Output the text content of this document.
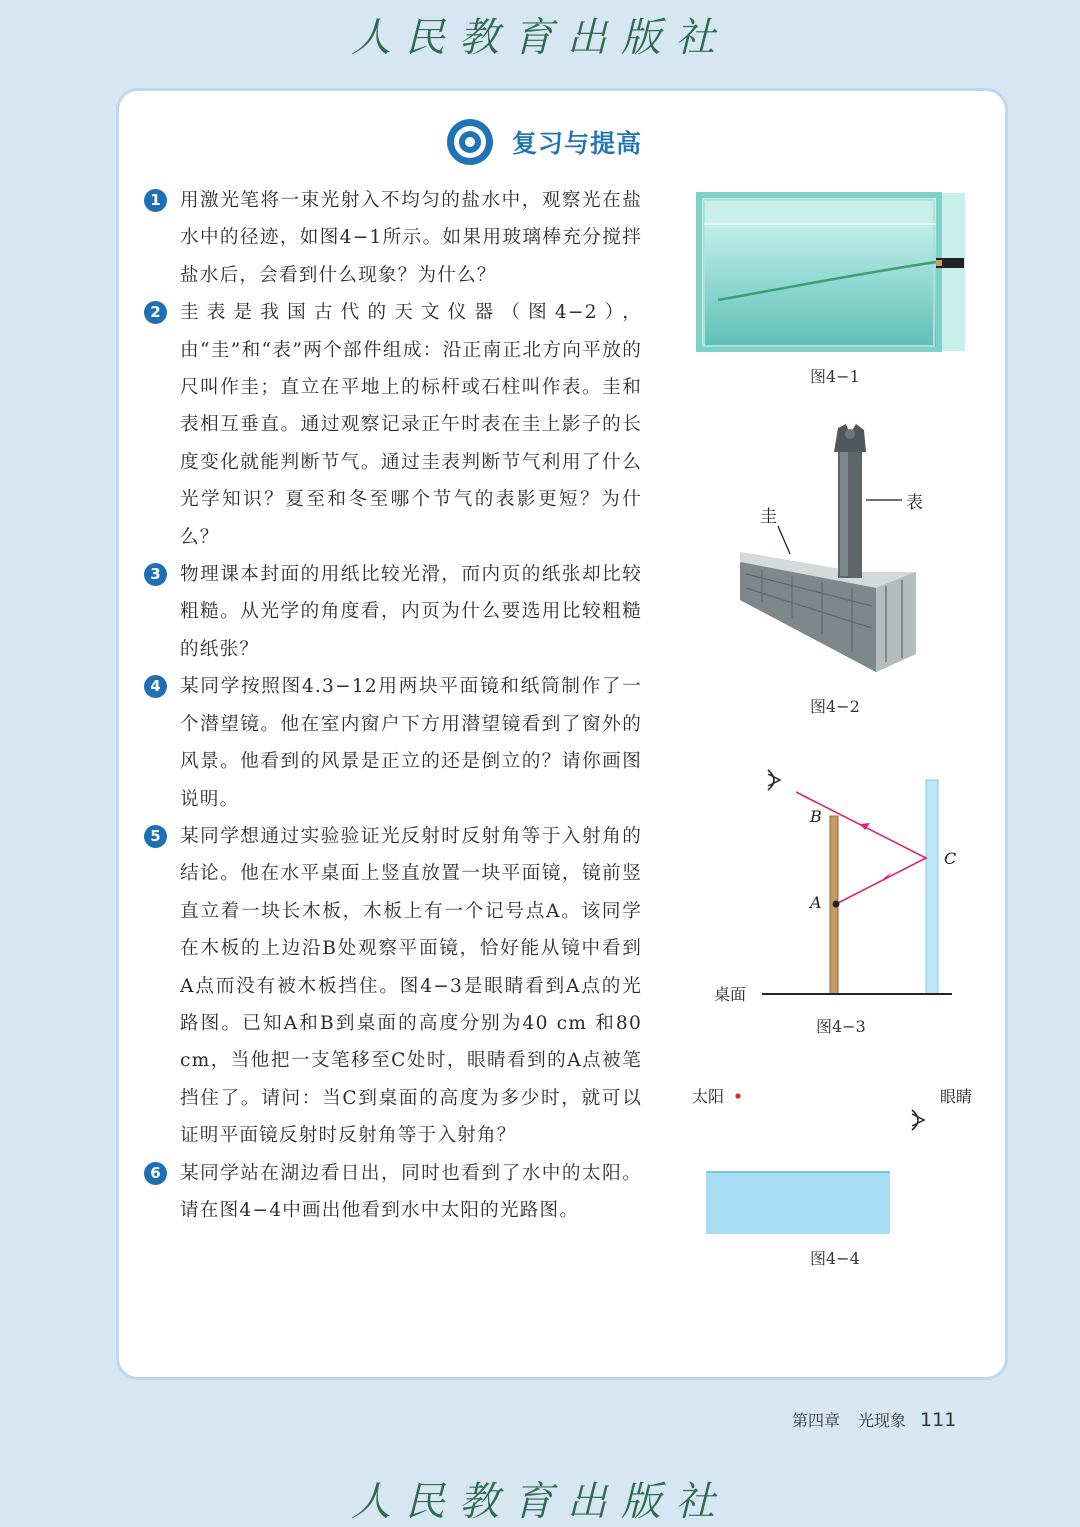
人民教育出版社
复习与提高
1	用激光笔将一束光射入不均匀的盐水中，观察光在盐水中的径迹，如图4−1所示。如果用玻璃棒充分搅拌盐水后，会看到什么现象？为什么？
2	圭表是我国古代的天文仪器（图4−2），由“圭”和“表”两个部件组成：沿正南正北方向平放的尺叫作圭；直立在平地上的标杆或石柱叫作表。圭和表相互垂直。通过观察记录正午时表在圭上影子的长度变化就能判断节气。通过圭表判断节气利用了什么光学知识？夏至和冬至哪个节气的表影更短？为什么？
3	物理课本封面的用纸比较光滑，而内页的纸张却比较粗糙。从光学的角度看，内页为什么要选用比较粗糙的纸张？
4	某同学按照图4.3−12用两块平面镜和纸筒制作了一个潜望镜。他在室内窗户下方用潜望镜看到了窗外的风景。他看到的风景是正立的还是倒立的？请你画图说明。
5	某同学想通过实验验证光反射时反射角等于入射角的结论。他在水平桌面上竖直放置一块平面镜，镜前竖直立着一块长木板，木板上有一个记号点A。该同学在木板的上边沿B处观察平面镜，恰好能从镜中看到A点而没有被木板挡住。图4−3是眼睛看到A点的光路图。已知A和B到桌面的高度分别为40 cm 和80 cm，当他把一支笔移至C处时，眼睛看到的A点被笔挡住了。请问：当C到桌面的高度为多少时，就可以证明平面镜反射时反射角等于入射角？
6	某同学站在湖边看日出，同时也看到了水中的太阳。请在图4−4中画出他看到水中太阳的光路图。
图4−1
表
圭
图4−2
B
A
C
桌面
图4−3
太阳	眼睛
图4−4
第四章 光现象 111
人民教育出版社
